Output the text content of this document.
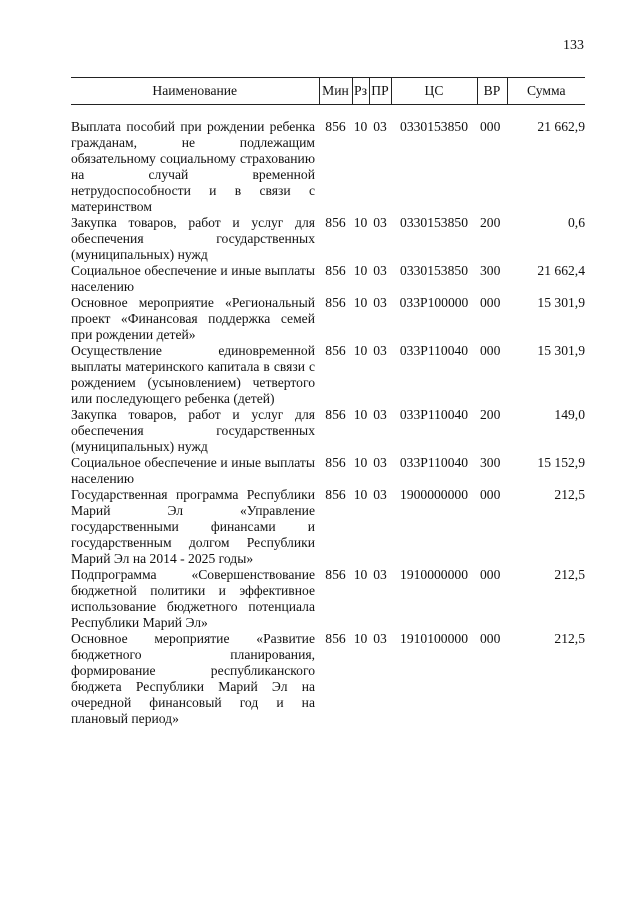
133
Наименование	Мин	Рз	ПР	ЦС	ВР	Сумма

Выплата пособий при рождении ребенка гражданам, не подлежащим обязательному социальному страхованию на случай временной нетрудоспособности и в связи с материнством	856	10	03	0330153850	000	21 662,9
Закупка товаров, работ и услуг для обеспечения государственных (муниципальных) нужд	856	10	03	0330153850	200	0,6
Социальное обеспечение и иные выплаты населению	856	10	03	0330153850	300	21 662,4
Основное мероприятие «Региональный проект «Финансовая поддержка семей при рождении детей»	856	10	03	033P100000	000	15 301,9
Осуществление единовременной выплаты материнского капитала в связи с рождением (усыновлением) четвертого или последующего ребенка (детей)	856	10	03	033P110040	000	15 301,9
Закупка товаров, работ и услуг для обеспечения государственных (муниципальных) нужд	856	10	03	033P110040	200	149,0
Социальное обеспечение и иные выплаты населению	856	10	03	033P110040	300	15 152,9
Государственная программа Республики Марий Эл «Управление государственными финансами и государственным долгом Республики Марий Эл на 2014 - 2025 годы»	856	10	03	1900000000	000	212,5
Подпрограмма «Совершенствование бюджетной политики и эффективное использование бюджетного потенциала Республики Марий Эл»	856	10	03	1910000000	000	212,5
Основное мероприятие «Развитие бюджетного планирования, формирование республиканского бюджета Республики Марий Эл на очередной финансовый год и на плановый период»	856	10	03	1910100000	000	212,5
